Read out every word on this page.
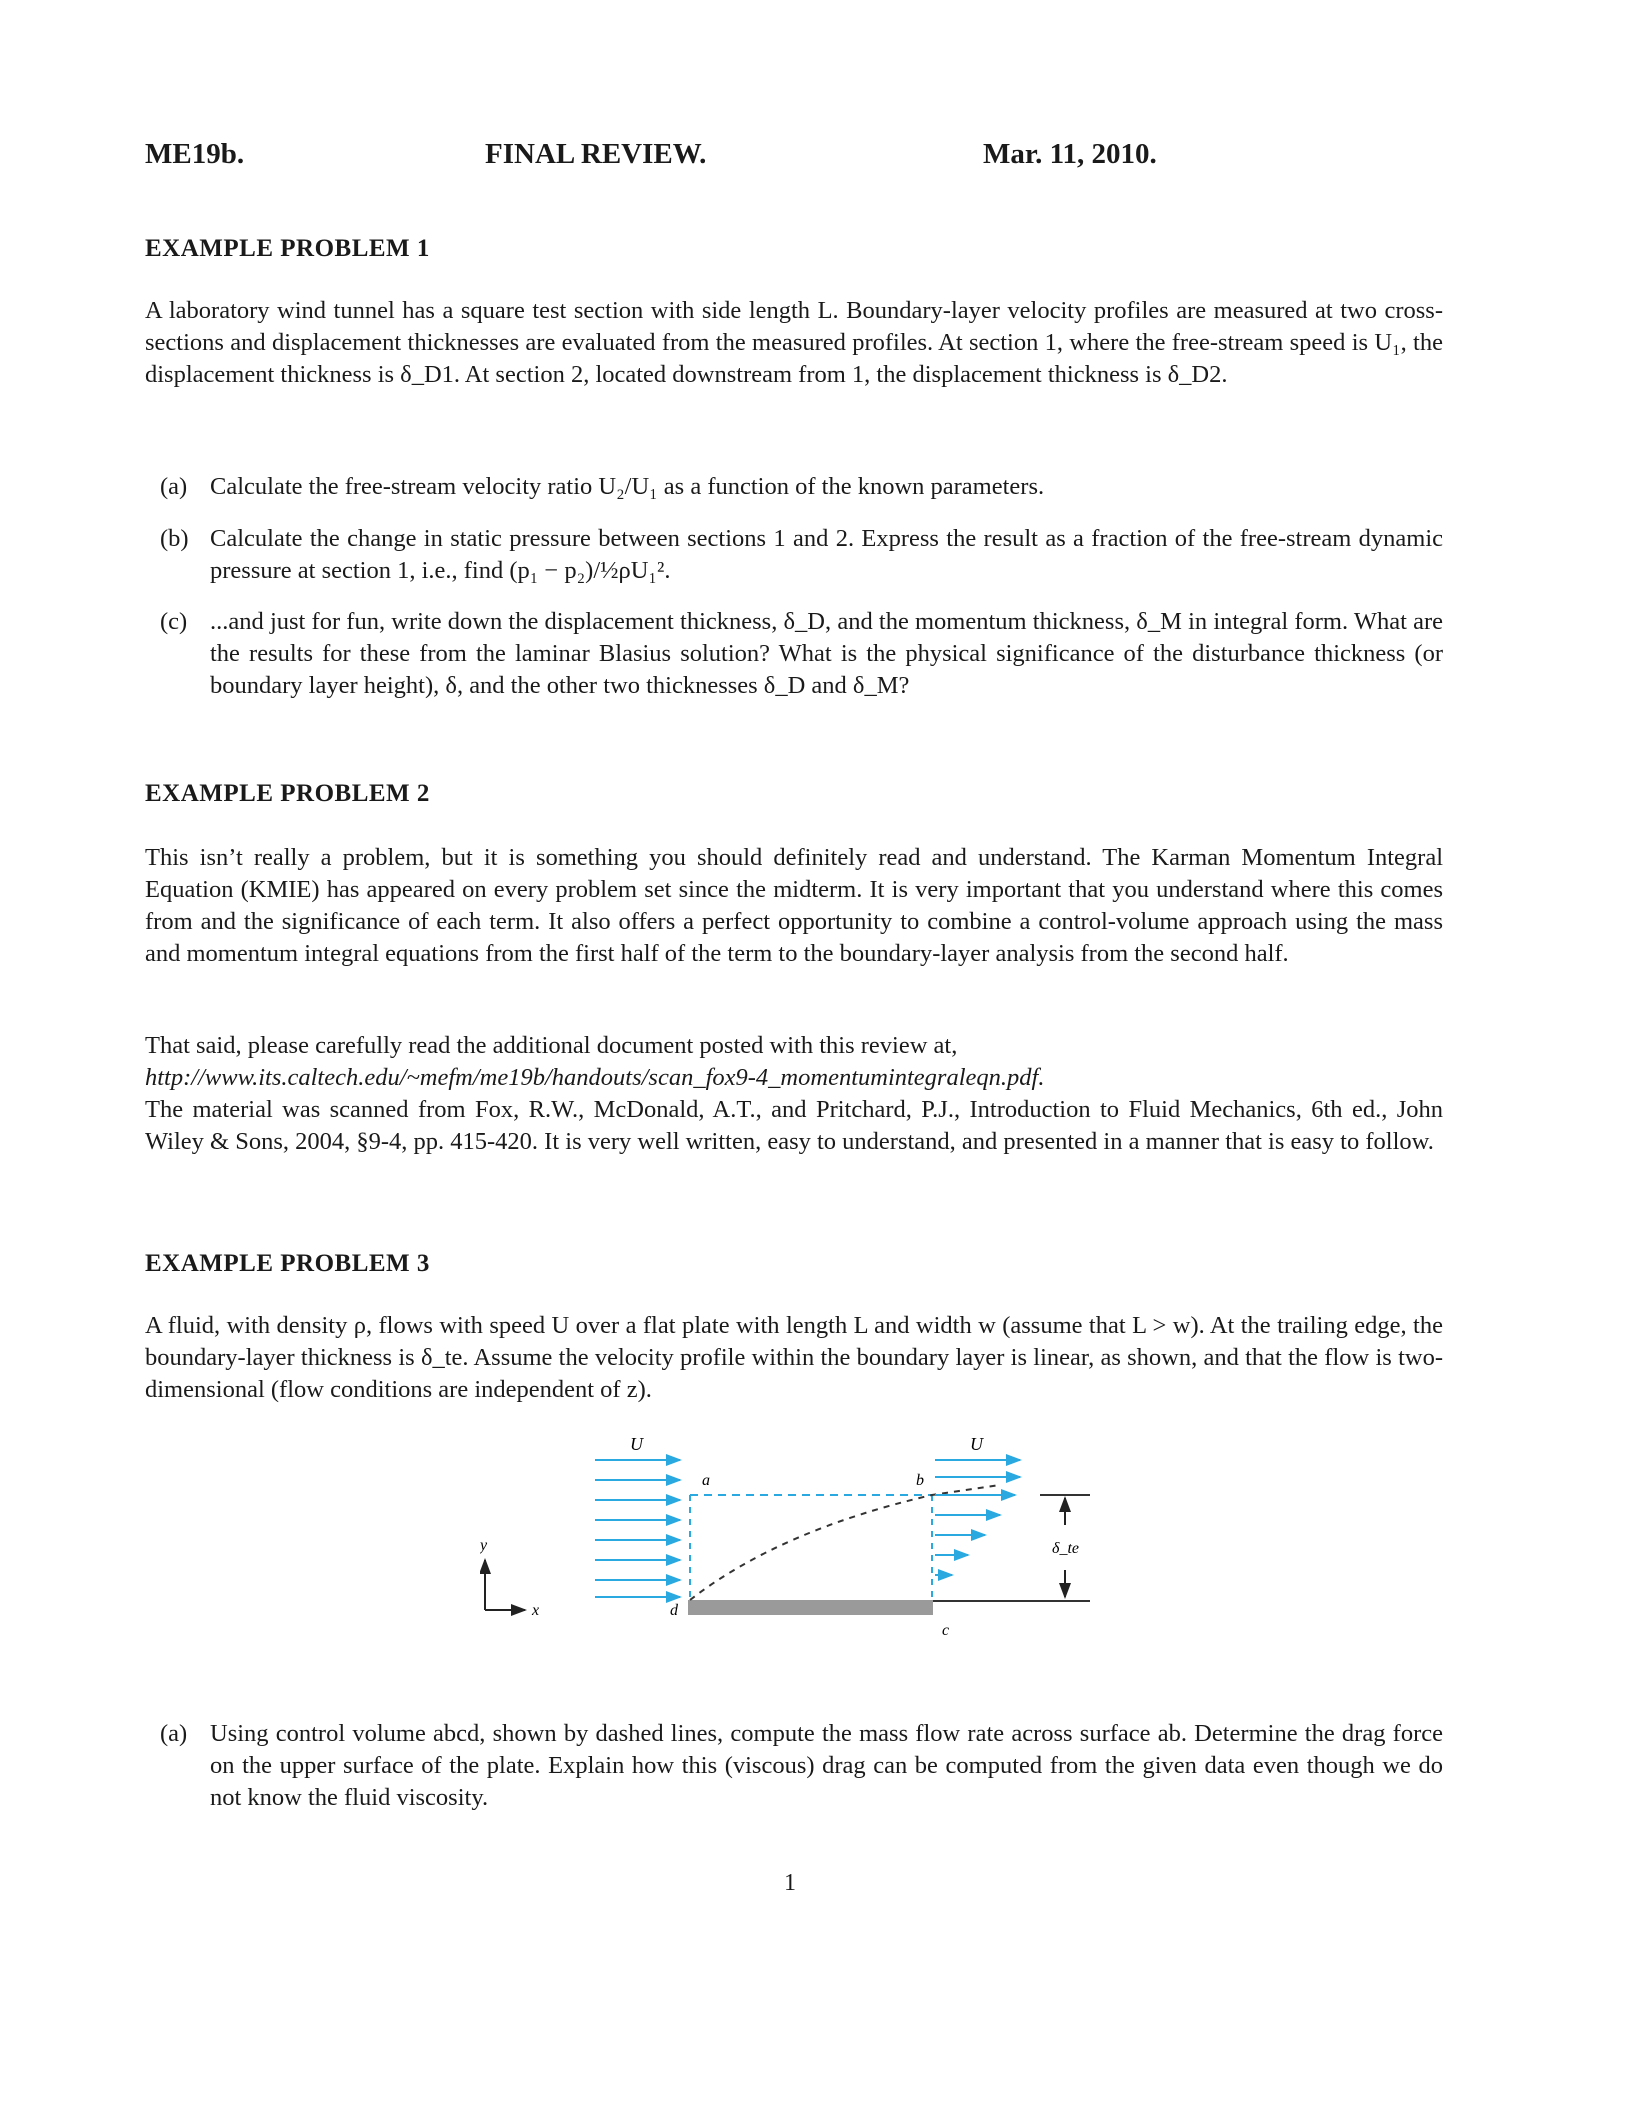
ME19b.	FINAL REVIEW.	Mar. 11, 2010.
EXAMPLE PROBLEM 1
A laboratory wind tunnel has a square test section with side length L. Boundary-layer velocity profiles are measured at two cross-sections and displacement thicknesses are evaluated from the measured profiles. At section 1, where the free-stream speed is U₁, the displacement thickness is δ_D1. At section 2, located downstream from 1, the displacement thickness is δ_D2.
(a) Calculate the free-stream velocity ratio U₂/U₁ as a function of the known parameters.
(b) Calculate the change in static pressure between sections 1 and 2. Express the result as a fraction of the free-stream dynamic pressure at section 1, i.e., find (p₁ − p₂)/½ρU₁².
(c) ...and just for fun, write down the displacement thickness, δ_D, and the momentum thickness, δ_M in integral form. What are the results for these from the laminar Blasius solution? What is the physical significance of the disturbance thickness (or boundary layer height), δ, and the other two thicknesses δ_D and δ_M?
EXAMPLE PROBLEM 2
This isn’t really a problem, but it is something you should definitely read and understand. The Karman Momentum Integral Equation (KMIE) has appeared on every problem set since the midterm. It is very important that you understand where this comes from and the significance of each term. It also offers a perfect opportunity to combine a control-volume approach using the mass and momentum integral equations from the first half of the term to the boundary-layer analysis from the second half.
That said, please carefully read the additional document posted with this review at,
http://www.its.caltech.edu/~mefm/me19b/handouts/scan_fox9-4_momentumintegraleqn.pdf.
The material was scanned from Fox, R.W., McDonald, A.T., and Pritchard, P.J., Introduction to Fluid Mechanics, 6th ed., John Wiley & Sons, 2004, §9-4, pp. 415-420. It is very well written, easy to understand, and presented in a manner that is easy to follow.
EXAMPLE PROBLEM 3
A fluid, with density ρ, flows with speed U over a flat plate with length L and width w (assume that L > w). At the trailing edge, the boundary-layer thickness is δ_te. Assume the velocity profile within the boundary layer is linear, as shown, and that the flow is two-dimensional (flow conditions are independent of z).
U	U
a	b
c
d
δ_te
y
x
(a) Using control volume abcd, shown by dashed lines, compute the mass flow rate across surface ab. Determine the drag force on the upper surface of the plate. Explain how this (viscous) drag can be computed from the given data even though we do not know the fluid viscosity.
1
